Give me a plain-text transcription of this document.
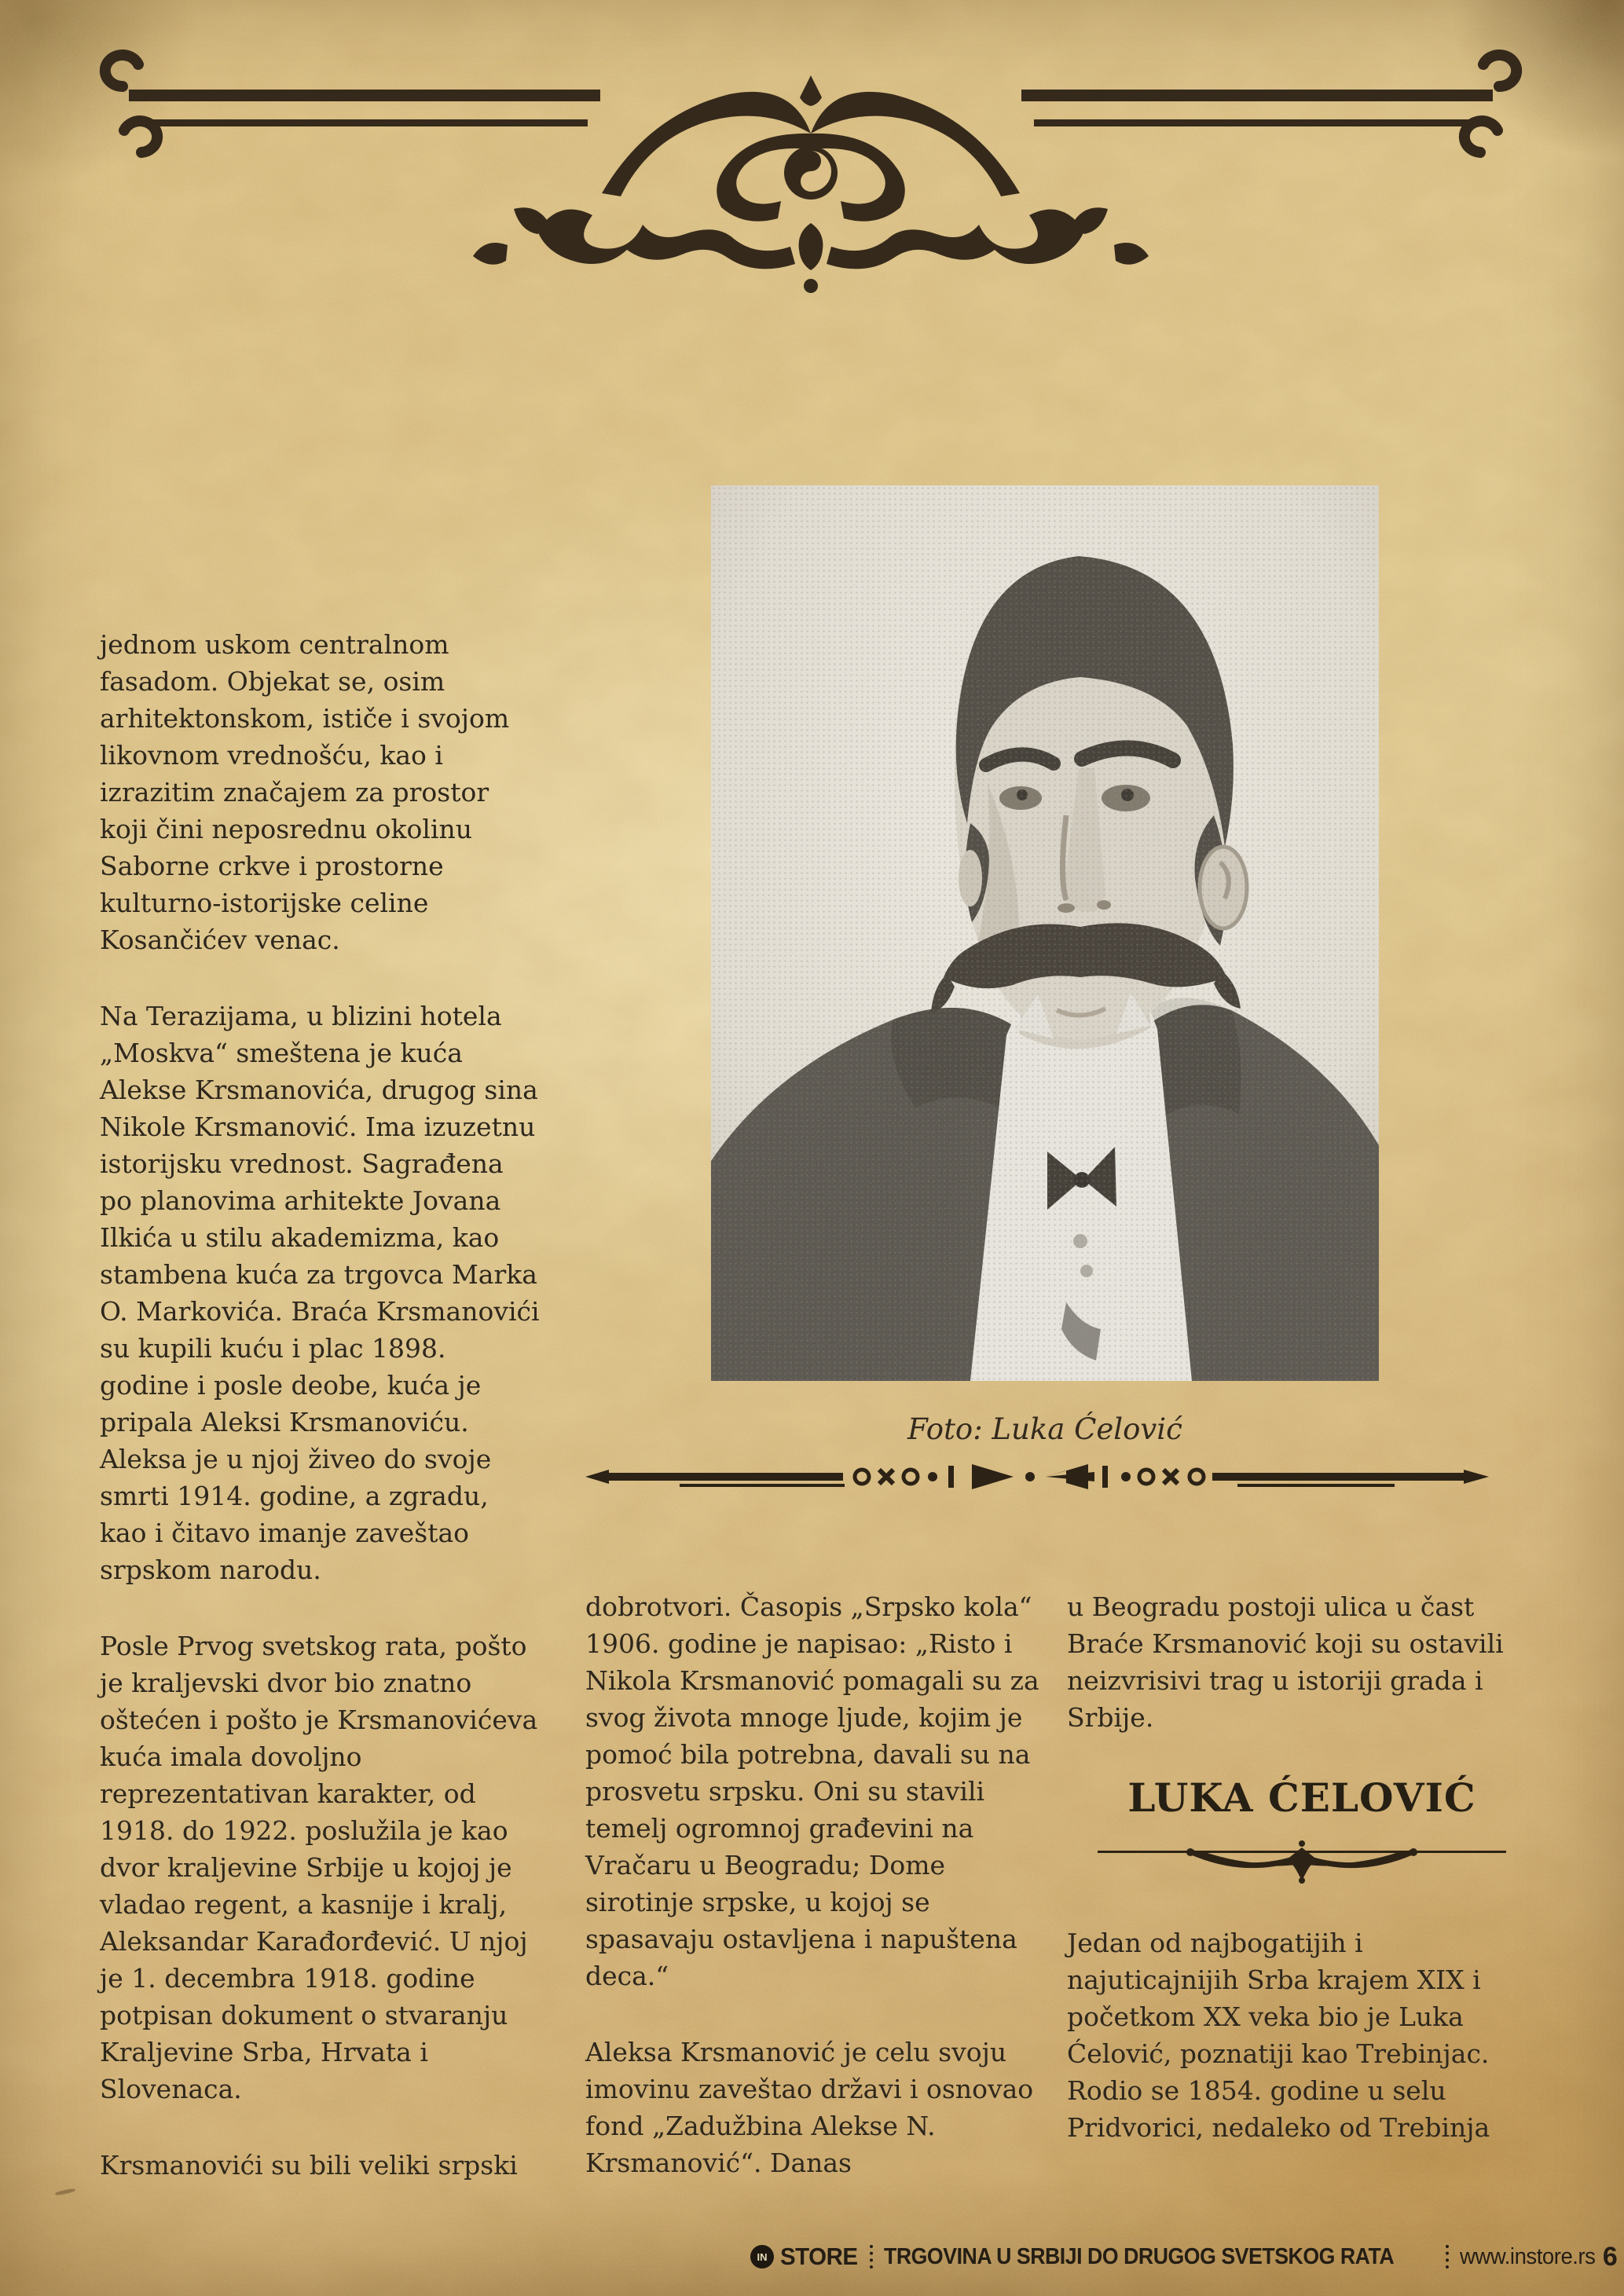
Foto: Luka Ćelović

jednom uskom centralnom fasadom. Objekat se, osim arhitektonskom, ističe i svojom likovnom vrednošću, kao i izrazitim značajem za prostor koji čini neposrednu okolinu Saborne crkve i prostorne kulturno-istorijske celine Kosančićev venac.

Na Terazijama, u blizini hotela „Moskva“ smeštena je kuća Alekse Krsmanovića, drugog sina Nikole Krsmanović. Ima izuzetnu istorijsku vrednost. Sagrađena po planovima arhitekte Jovana Ilkića u stilu akademizma, kao stambena kuća za trgovca Marka O. Markovića. Braća Krsmanovići su kupili kuću i plac 1898. godine i posle deobe, kuća je pripala Aleksi Krsmanoviću. Aleksa je u njoj živeo do svoje smrti 1914. godine, a zgradu, kao i čitavo imanje zaveštao srpskom narodu.

Posle Prvog svetskog rata, pošto je kraljevski dvor bio znatno oštećen i pošto je Krsmanovićeva kuća imala dovoljno reprezentativan karakter, od 1918. do 1922. poslužila je kao dvor kraljevine Srbije u kojoj je vladao regent, a kasnije i kralj, Aleksandar Karađorđević. U njoj je 1. decembra 1918. godine potpisan dokument o stvaranju Kraljevine Srba, Hrvata i Slovenaca.

Krsmanovići su bili veliki srpski

dobrotvori. Časopis „Srpsko kola“ 1906. godine je napisao: „Risto i Nikola Krsmanović pomagali su za svog života mnoge ljude, kojim je pomoć bila potrebna, davali su na prosvetu srpsku. Oni su stavili temelj ogromnoj građevini na Vračaru u Beogradu; Dome sirotinje srpske, u kojoj se spasavaju ostavljena i napuštena deca.“

Aleksa Krsmanović je celu svoju imovinu zaveštao državi i osnovao fond „Zadužbina Alekse N. Krsmanović“. Danas

u Beogradu postoji ulica u čast Braće Krsmanović koji su ostavili neizvrisivi trag u istoriji grada i Srbije.

LUKA ĆELOVIĆ

Jedan od najbogatijih i najuticajnijih Srba krajem XIX i početkom XX veka bio je Luka Ćelović, poznatiji kao Trebinjac. Rodio se 1854. godine u selu Pridvorici, nedaleko od Trebinja

IN STORE TRGOVINA U SRBIJI DO DRUGOG SVETSKOG RATA	www.instore.rs 6
